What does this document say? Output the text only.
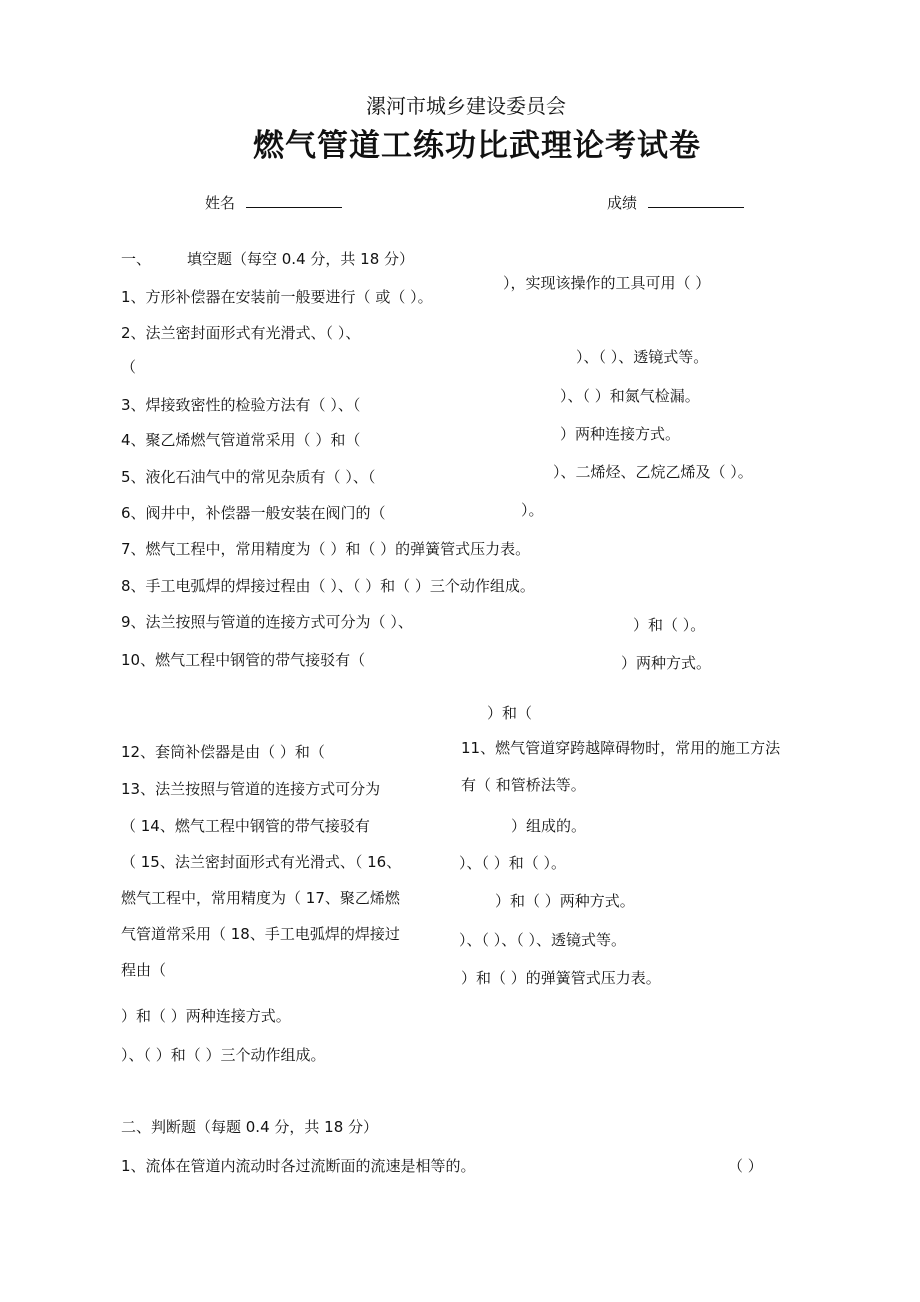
漯河市城乡建设委员会
燃气管道工练功比武理论考试卷
姓名	成绩
一、 填空题（每空 0.4 分，共 18 分）
1、方形补偿器在安装前一般要进行（ 或（ ）。
），实现该操作的工具可用（ ）
2、法兰密封面形式有光滑式、（ ）、
（
）、（ ）、透镜式等。
3、焊接致密性的检验方法有（ ）、（	）、（ ）和氮气检漏。
4、聚乙烯燃气管道常采用（ ）和（	）两种连接方式。
5、液化石油气中的常见杂质有（ ）、（	）、二烯烃、乙烷乙烯及（ ）。
6、阀井中，补偿器一般安装在阀门的（	）。
7、燃气工程中，常用精度为（ ）和（ ）的弹簧管式压力表。
8、手工电弧焊的焊接过程由（ ）、（ ）和（ ）三个动作组成。
9、法兰按照与管道的连接方式可分为（ ）、	）和（ ）。
10、燃气工程中钢管的带气接驳有（	）两种方式。
）和（
11、燃气管道穿跨越障碍物时，常用的施工方法
有（ 和管桥法等。
12、套筒补偿器是由（ ）和（
13、法兰按照与管道的连接方式可分为
）组成的。
（ 14、燃气工程中钢管的带气接驳有
（ 15、法兰密封面形式有光滑式、（ 16、	）、（ ）和（ ）。
燃气工程中，常用精度为（ 17、聚乙烯燃	）和（ ）两种方式。
气管道常采用（ 18、手工电弧焊的焊接过	）、（ ）、（ ）、透镜式等。
程由（	）和（ ）的弹簧管式压力表。
）和（ ）两种连接方式。
）、（ ）和（ ）三个动作组成。
二、判断题（每题 0.4 分，共 18 分）
1、流体在管道内流动时各过流断面的流速是相等的。	（ ）
